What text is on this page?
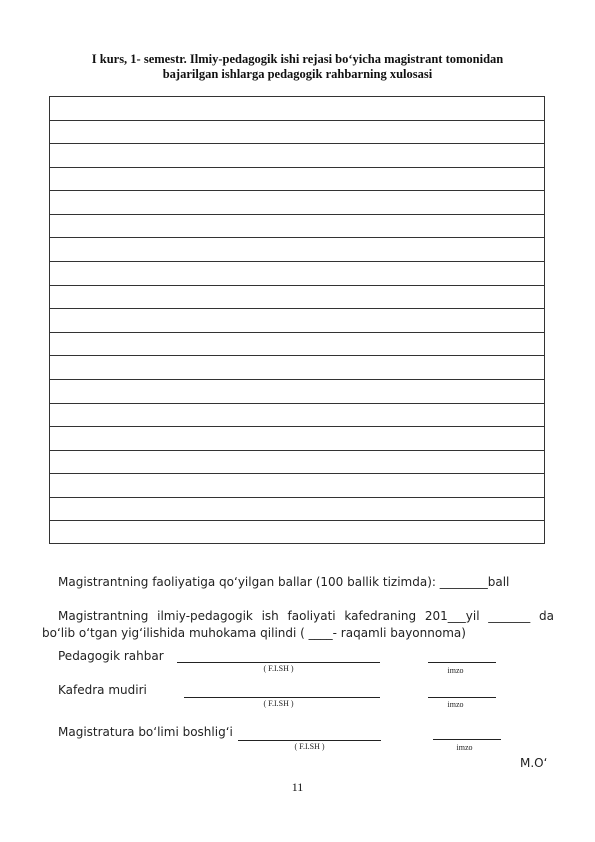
I kurs, 1- semestr. Ilmiy-pedagogik ishi rejasi bo‘yicha magistrant tomonidan
bajarilgan ishlarga pedagogik rahbarning xulosasi
Magistrantning faoliyatiga qo‘yilgan ballar (100 ballik tizimda): ________ball
Magistrantning ilmiy-pedagogik ish faoliyati kafedraning 201___yil _______ da
bo‘lib o‘tgan yig‘ilishida muhokama qilindi ( ____- raqamli bayonnoma)
Pedagogik rahbar
( F.I.SH )	imzo
Kafedra mudiri
( F.I.SH )	imzo
Magistratura bo‘limi boshlig‘i
( F.I.SH )	imzo
M.O‘
11
